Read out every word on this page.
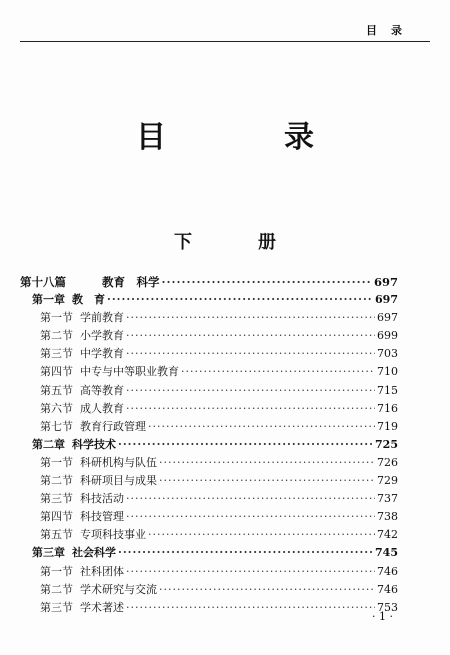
目录
目　录
下　册
第十八篇	教育　科学 ·····	697
第一章 教　育 ·····	697
第一节 学前教育 ·····	697
第二节 小学教育 ·····	699
第三节 中学教育 ·····	703
第四节 中专与中等职业教育 ·····	710
第五节 高等教育 ·····	715
第六节 成人教育 ·····	716
第七节 教育行政管理 ·····	719
第二章 科学技术 ·····	725
第一节 科研机构与队伍 ·····	726
第二节 科研项目与成果 ·····	729
第三节 科技活动 ·····	737
第四节 科技管理 ·····	738
第五节 专项科技事业 ·····	742
第三章 社会科学 ·····	745
第一节 社科团体 ·····	746
第二节 学术研究与交流 ·····	746
第三节 学术著述 ·····	753
· 1 ·
